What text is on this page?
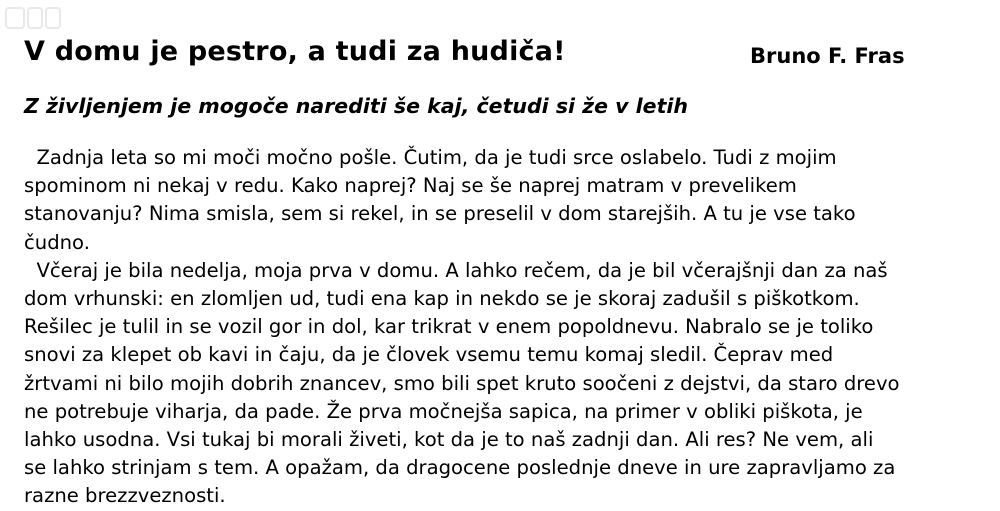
V domu je pestro, a tudi za hudiča!	Bruno F. Fras
Z življenjem je mogoče narediti še kaj, četudi si že v letih
Zadnja leta so mi moči močno pošle. Čutim, da je tudi srce oslabelo. Tudi z mojim
spominom ni nekaj v redu. Kako naprej? Naj se še naprej matram v prevelikem
stanovanju? Nima smisla, sem si rekel, in se preselil v dom starejših. A tu je vse tako
čudno.
Včeraj je bila nedelja, moja prva v domu. A lahko rečem, da je bil včerajšnji dan za naš
dom vrhunski: en zlomljen ud, tudi ena kap in nekdo se je skoraj zadušil s piškotkom.
Rešilec je tulil in se vozil gor in dol, kar trikrat v enem popoldnevu. Nabralo se je toliko
snovi za klepet ob kavi in čaju, da je človek vsemu temu komaj sledil. Čeprav med
žrtvami ni bilo mojih dobrih znancev, smo bili spet kruto soočeni z dejstvi, da staro drevo
ne potrebuje viharja, da pade. Že prva močnejša sapica, na primer v obliki piškota, je
lahko usodna. Vsi tukaj bi morali živeti, kot da je to naš zadnji dan. Ali res? Ne vem, ali
se lahko strinjam s tem. A opažam, da dragocene poslednje dneve in ure zapravljamo za
razne brezzveznosti.
